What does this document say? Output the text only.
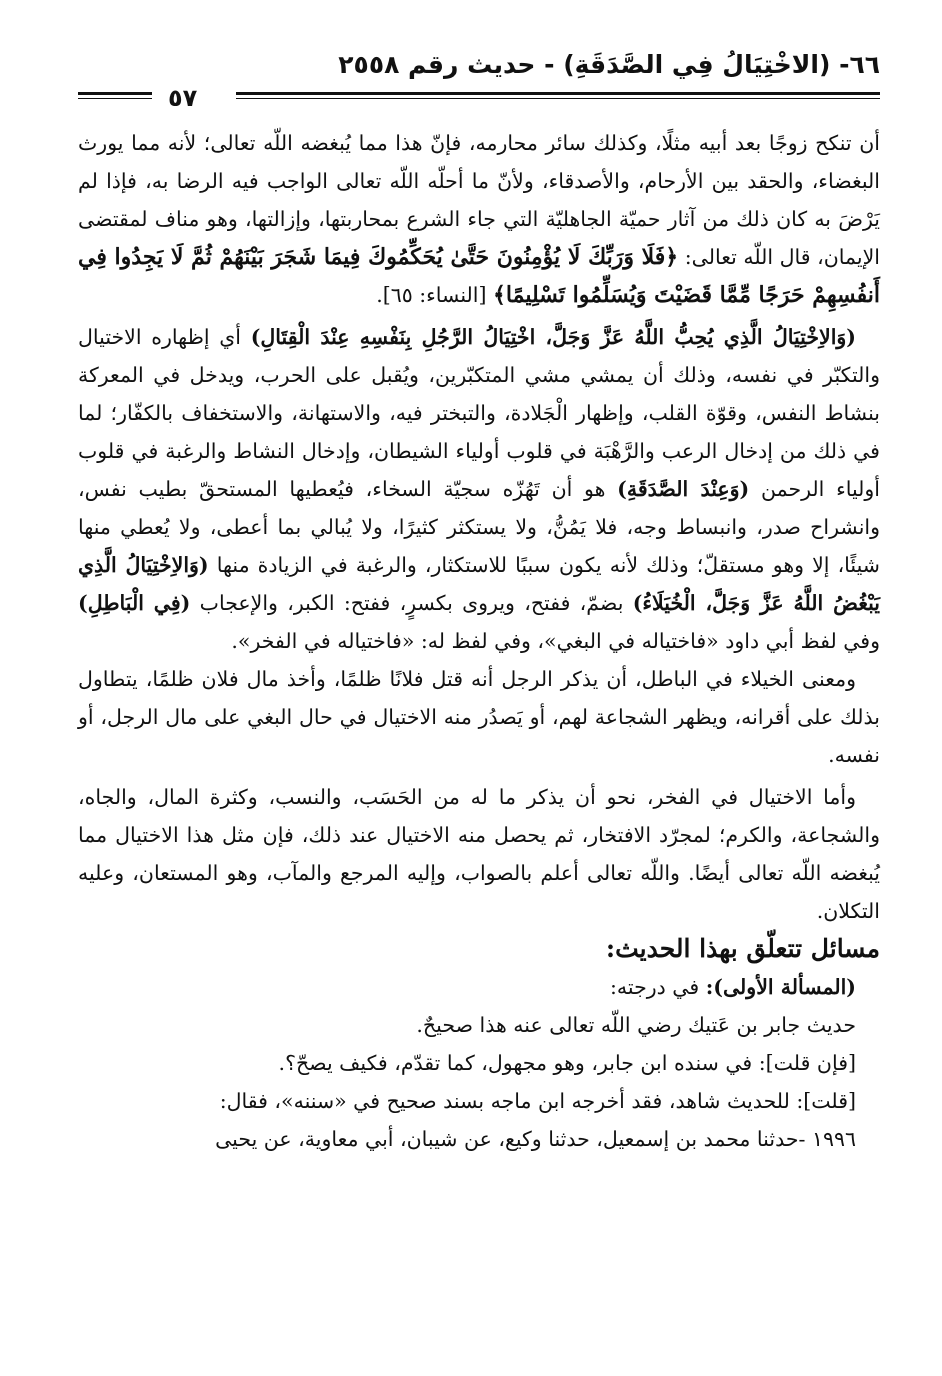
٦٦- (الاخْتِيَالُ فِي الصَّدَقَةِ) - حديث رقم ٢٥٥٨
٥٧

أن تنكح زوجًا بعد أبيه مثلًا، وكذلك سائر محارمه، فإنّ هذا مما يُبغضه اللّه تعالى؛ لأنه مما يورث البغضاء، والحقد بين الأرحام، والأصدقاء، ولأنّ ما أحلّه اللّه تعالى الواجب فيه الرضا به، فإذا لم يَرْضَ به كان ذلك من آثار حميّة الجاهليّة التي جاء الشرع بمحاربتها، وإزالتها، وهو مناف لمقتضى الإيمان، قال اللّه تعالى: ﴿فَلَا وَرَبِّكَ لَا يُؤْمِنُونَ حَتَّىٰ يُحَكِّمُوكَ فِيمَا شَجَرَ بَيْنَهُمْ ثُمَّ لَا يَجِدُوا فِي أَنفُسِهِمْ حَرَجًا مِّمَّا قَضَيْتَ وَيُسَلِّمُوا تَسْلِيمًا﴾ [النساء: ٦٥].

(وَالاِخْتِيَالُ الَّذِي يُحِبُّ اللَّهُ عَزَّ وَجَلَّ، اخْتِيَالُ الرَّجُلِ بِنَفْسِهِ عِنْدَ الْقِتَالِ) أي إظهاره الاختيال والتكبّر في نفسه، وذلك أن يمشي مشي المتكبّرين، ويُقبل على الحرب، ويدخل في المعركة بنشاط النفس، وقوّة القلب، وإظهار الْجَلادة، والتبختر فيه، والاستهانة، والاستخفاف بالكفّار؛ لما في ذلك من إدخال الرعب والرَّهْبَة في قلوب أولياء الشيطان، وإدخال النشاط والرغبة في قلوب أولياء الرحمن (وَعِنْدَ الصَّدَقَةِ) هو أن تَهُزّه سجيّة السخاء، فيُعطيها المستحقّ بطيب نفس، وانشراح صدر، وانبساط وجه، فلا يَمُنُّ، ولا يستكثر كثيرًا، ولا يُبالي بما أعطى، ولا يُعطي منها شيئًا، إلا وهو مستقلّ؛ وذلك لأنه يكون سببًا للاستكثار، والرغبة في الزيادة منها (وَالاِخْتِيَالُ الَّذِي يَبْغُضُ اللَّهُ عَزَّ وَجَلَّ، الْخُيَلَاءُ) بضمّ، ففتح، ويروى بكسرٍ، ففتح: الكبر، والإعجاب (فِي الْبَاطِلِ) وفي لفظ أبي داود «فاختياله في البغي»، وفي لفظ له: «فاختياله في الفخر».

ومعنى الخيلاء في الباطل، أن يذكر الرجل أنه قتل فلانًا ظلمًا، وأخذ مال فلان ظلمًا، يتطاول بذلك على أقرانه، ويظهر الشجاعة لهم، أو يَصدُر منه الاختيال في حال البغي على مال الرجل، أو نفسه.

وأما الاختيال في الفخر، نحو أن يذكر ما له من الحَسَب، والنسب، وكثرة المال، والجاه، والشجاعة، والكرم؛ لمجرّد الافتخار، ثم يحصل منه الاختيال عند ذلك، فإن مثل هذا الاختيال مما يُبغضه اللّه تعالى أيضًا. واللّه تعالى أعلم بالصواب، وإليه المرجع والمآب، وهو المستعان، وعليه التكلان.

مسائل تتعلّق بهذا الحديث:

(المسألة الأولى): في درجته:

حديث جابر بن عَتيك رضي اللّه تعالى عنه هذا صحيحٌ.

[فإن قلت]: في سنده ابن جابر، وهو مجهول، كما تقدّم، فكيف يصحّ؟.

[قلت]: للحديث شاهد، فقد أخرجه ابن ماجه بسند صحيح في «سننه»، فقال:

١٩٩٦ -حدثنا محمد بن إسمعيل، حدثنا وكيع، عن شيبان، أبي معاوية، عن يحيى
